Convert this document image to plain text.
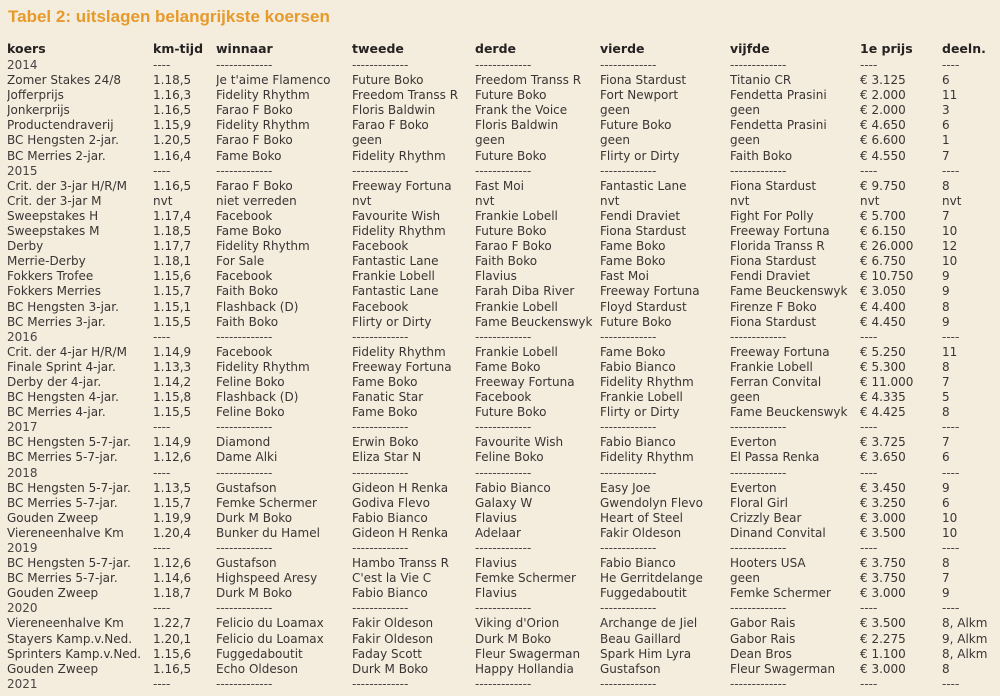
Tabel 2: uitslagen belangrijkste koersen
koers	km-tijd	winnaar	tweede	derde	vierde	vijfde	1e prijs	deeln.
2014	----	-------------	-------------	-------------	-------------	-------------	----	----
Zomer Stakes 24/8	1.18,5	Je t'aime Flamenco	Future Boko	Freedom Transs R	Fiona Stardust	Titanio CR	€ 3.125	6
Jofferprijs	1.16,3	Fidelity Rhythm	Freedom Transs R	Future Boko	Fort Newport	Fendetta Prasini	€ 2.000	11
Jonkerprijs	1.16,5	Farao F Boko	Floris Baldwin	Frank the Voice	geen	geen	€ 2.000	3
Productendraverij	1.15,9	Fidelity Rhythm	Farao F Boko	Floris Baldwin	Future Boko	Fendetta Prasini	€ 4.650	6
BC Hengsten 2-jar.	1.20,5	Farao F Boko	geen	geen	geen	geen	€ 6.600	1
BC Merries 2-jar.	1.16,4	Fame Boko	Fidelity Rhythm	Future Boko	Flirty or Dirty	Faith Boko	€ 4.550	7
2015	----	-------------	-------------	-------------	-------------	-------------	----	----
Crit. der 3-jar H/R/M	1.16,5	Farao F Boko	Freeway Fortuna	Fast Moi	Fantastic Lane	Fiona Stardust	€ 9.750	8
Crit. der 3-jar M	nvt	niet verreden	nvt	nvt	nvt	nvt	nvt	nvt
Sweepstakes H	1.17,4	Facebook	Favourite Wish	Frankie Lobell	Fendi Draviet	Fight For Polly	€ 5.700	7
Sweepstakes M	1.18,5	Fame Boko	Fidelity Rhythm	Future Boko	Fiona Stardust	Freeway Fortuna	€ 6.150	10
Derby	1.17,7	Fidelity Rhythm	Facebook	Farao F Boko	Fame Boko	Florida Transs R	€ 26.000	12
Merrie-Derby	1.18,1	For Sale	Fantastic Lane	Faith Boko	Fame Boko	Fiona Stardust	€ 6.750	10
Fokkers Trofee	1.15,6	Facebook	Frankie Lobell	Flavius	Fast Moi	Fendi Draviet	€ 10.750	9
Fokkers Merries	1.15,7	Faith Boko	Fantastic Lane	Farah Diba River	Freeway Fortuna	Fame Beuckenswyk	€ 3.050	9
BC Hengsten 3-jar.	1.15,1	Flashback (D)	Facebook	Frankie Lobell	Floyd Stardust	Firenze F Boko	€ 4.400	8
BC Merries 3-jar.	1.15,5	Faith Boko	Flirty or Dirty	Fame Beuckenswyk	Future Boko	Fiona Stardust	€ 4.450	9
2016	----	-------------	-------------	-------------	-------------	-------------	----	----
Crit. der 4-jar H/R/M	1.14,9	Facebook	Fidelity Rhythm	Frankie Lobell	Fame Boko	Freeway Fortuna	€ 5.250	11
Finale Sprint 4-jar.	1.13,3	Fidelity Rhythm	Freeway Fortuna	Fame Boko	Fabio Bianco	Frankie Lobell	€ 5.300	8
Derby der 4-jar.	1.14,2	Feline Boko	Fame Boko	Freeway Fortuna	Fidelity Rhythm	Ferran Convital	€ 11.000	7
BC Hengsten 4-jar.	1.15,8	Flashback (D)	Fanatic Star	Facebook	Frankie Lobell	geen	€ 4.335	5
BC Merries 4-jar.	1.15,5	Feline Boko	Fame Boko	Future Boko	Flirty or Dirty	Fame Beuckenswyk	€ 4.425	8
2017	----	-------------	-------------	-------------	-------------	-------------	----	----
BC Hengsten 5-7-jar.	1.14,9	Diamond	Erwin Boko	Favourite Wish	Fabio Bianco	Everton	€ 3.725	7
BC Merries 5-7-jar.	1.12,6	Dame Alki	Eliza Star N	Feline Boko	Fidelity Rhythm	El Passa Renka	€ 3.650	6
2018	----	-------------	-------------	-------------	-------------	-------------	----	----
BC Hengsten 5-7-jar.	1.13,5	Gustafson	Gideon H Renka	Fabio Bianco	Easy Joe	Everton	€ 3.450	9
BC Merries 5-7-jar.	1.15,7	Femke Schermer	Godiva Flevo	Galaxy W	Gwendolyn Flevo	Floral Girl	€ 3.250	6
Gouden Zweep	1.19,9	Durk M Boko	Fabio Bianco	Flavius	Heart of Steel	Crizzly Bear	€ 3.000	10
Viereneenhalve Km	1.20,4	Bunker du Hamel	Gideon H Renka	Adelaar	Fakir Oldeson	Dinand Convital	€ 3.500	10
2019	----	-------------	-------------	-------------	-------------	-------------	----	----
BC Hengsten 5-7-jar.	1.12,6	Gustafson	Hambo Transs R	Flavius	Fabio Bianco	Hooters USA	€ 3.750	8
BC Merries 5-7-jar.	1.14,6	Highspeed Aresy	C'est la Vie C	Femke Schermer	He Gerritdelange	geen	€ 3.750	7
Gouden Zweep	1.18,7	Durk M Boko	Fabio Bianco	Flavius	Fuggedaboutit	Femke Schermer	€ 3.000	9
2020	----	-------------	-------------	-------------	-------------	-------------	----	----
Viereneenhalve Km	1.22,7	Felicio du Loamax	Fakir Oldeson	Viking d'Orion	Archange de Jiel	Gabor Rais	€ 3.500	8, Alkm
Stayers Kamp.v.Ned.	1.20,1	Felicio du Loamax	Fakir Oldeson	Durk M Boko	Beau Gaillard	Gabor Rais	€ 2.275	9, Alkm
Sprinters Kamp.v.Ned.	1.15,6	Fuggedaboutit	Faday Scott	Fleur Swagerman	Spark Him Lyra	Dean Bros	€ 1.100	8, Alkm
Gouden Zweep	1.16,5	Echo Oldeson	Durk M Boko	Happy Hollandia	Gustafson	Fleur Swagerman	€ 3.000	8
2021	----	-------------	-------------	-------------	-------------	-------------	----	----
